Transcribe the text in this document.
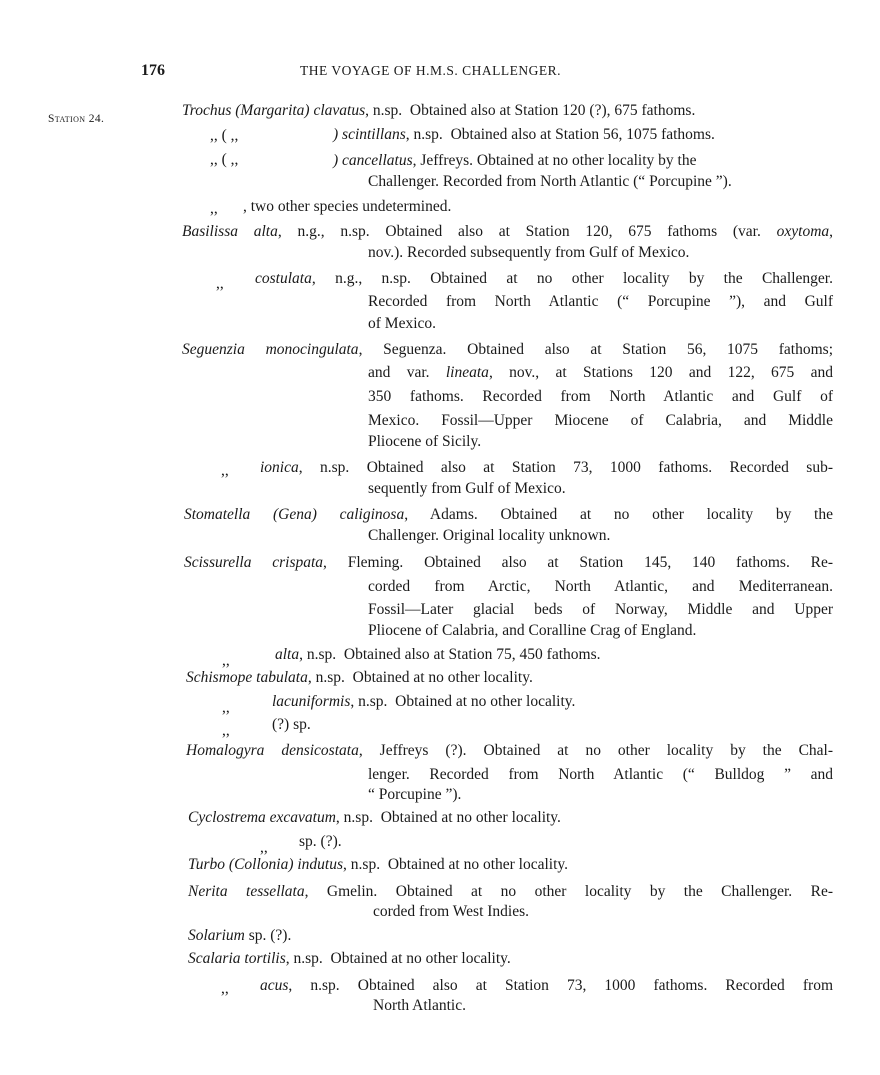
176	THE VOYAGE OF H.M.S. CHALLENGER.
Station 24.	Trochus (Margarita) clavatus, n.sp. Obtained also at Station 120 (?), 675 fathoms.
,, ( ,,	) scintillans, n.sp. Obtained also at Station 56, 1075 fathoms.
,, ( ,,	) cancellatus, Jeffreys. Obtained at no other locality by the
Challenger. Recorded from North Atlantic (“ Porcupine ”).
,, , two other species undetermined.
Basilissa alta, n.g., n.sp. Obtained also at Station 120, 675 fathoms (var. oxytoma,
nov.). Recorded subsequently from Gulf of Mexico.
,, costulata, n.g., n.sp. Obtained at no other locality by the Challenger.
Recorded from North Atlantic (“ Porcupine ”), and Gulf
of Mexico.
Seguenzia monocingulata, Seguenza. Obtained also at Station 56, 1075 fathoms;
and var. lineata, nov., at Stations 120 and 122, 675 and
350 fathoms. Recorded from North Atlantic and Gulf of
Mexico. Fossil—Upper Miocene of Calabria, and Middle
Pliocene of Sicily.
,, ionica, n.sp. Obtained also at Station 73, 1000 fathoms. Recorded sub-
sequently from Gulf of Mexico.
Stomatella (Gena) caliginosa, Adams. Obtained at no other locality by the
Challenger. Original locality unknown.
Scissurella crispata, Fleming. Obtained also at Station 145, 140 fathoms. Re-
corded from Arctic, North Atlantic, and Mediterranean.
Fossil—Later glacial beds of Norway, Middle and Upper
Pliocene of Calabria, and Coralline Crag of England.
,,	alta, n.sp. Obtained also at Station 75, 450 fathoms.
Schismope tabulata, n.sp. Obtained at no other locality.
,,	lacuniformis, n.sp. Obtained at no other locality.
,,	(?) sp.
Homalogyra densicostata, Jeffreys (?). Obtained at no other locality by the Chal-
lenger. Recorded from North Atlantic (“ Bulldog ” and
“ Porcupine ”).
Cyclostrema excavatum, n.sp. Obtained at no other locality.
,, sp. (?).
Turbo (Collonia) indutus, n.sp. Obtained at no other locality.
Nerita tessellata, Gmelin. Obtained at no other locality by the Challenger. Re-
corded from West Indies.
Solarium sp. (?).
Scalaria tortilis, n.sp. Obtained at no other locality.
,, acus, n.sp. Obtained also at Station 73, 1000 fathoms. Recorded from
North Atlantic.
